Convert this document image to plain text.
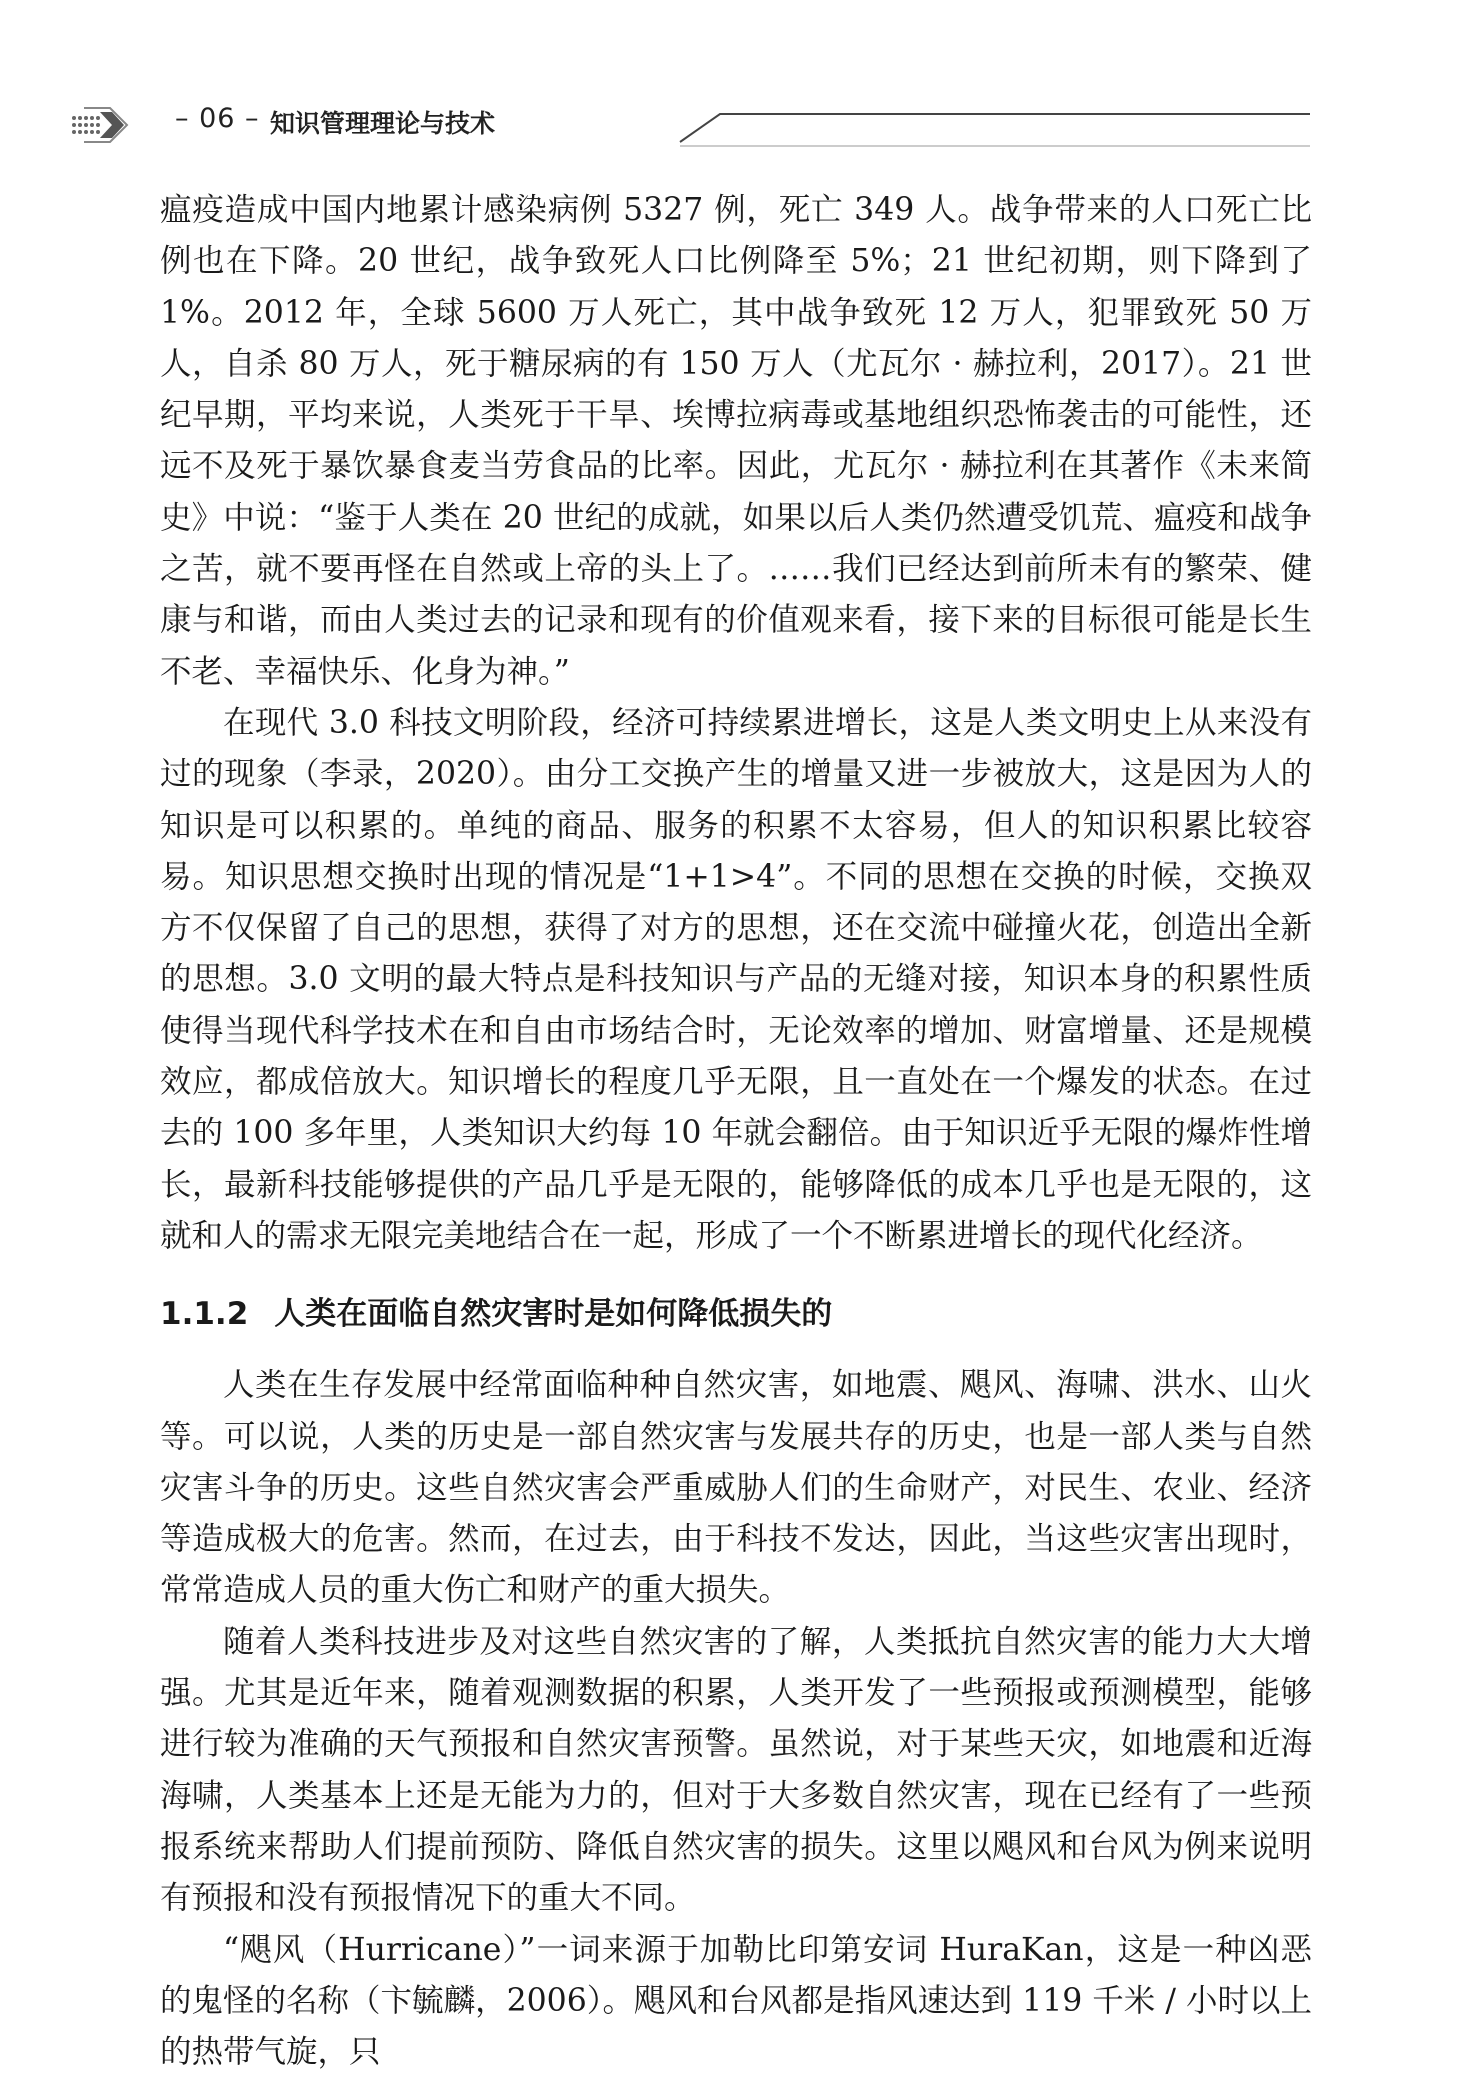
– 06 – 知识管理理论与技术

瘟疫造成中国内地累计感染病例 5327 例，死亡 349 人。战争带来的人口死亡比例也在下降。20 世纪，战争致死人口比例降至 5%；21 世纪初期，则下降到了 1%。2012 年，全球 5600 万人死亡，其中战争致死 12 万人，犯罪致死 50 万人，自杀 80 万人，死于糖尿病的有 150 万人（尤瓦尔 · 赫拉利，2017）。21 世纪早期，平均来说，人类死于干旱、埃博拉病毒或基地组织恐怖袭击的可能性，还远不及死于暴饮暴食麦当劳食品的比率。因此，尤瓦尔 · 赫拉利在其著作《未来简史》中说：“鉴于人类在 20 世纪的成就，如果以后人类仍然遭受饥荒、瘟疫和战争之苦，就不要再怪在自然或上帝的头上了。……我们已经达到前所未有的繁荣、健康与和谐，而由人类过去的记录和现有的价值观来看，接下来的目标很可能是长生不老、幸福快乐、化身为神。”

在现代 3.0 科技文明阶段，经济可持续累进增长，这是人类文明史上从来没有过的现象（李录，2020）。由分工交换产生的增量又进一步被放大，这是因为人的知识是可以积累的。单纯的商品、服务的积累不太容易，但人的知识积累比较容易。知识思想交换时出现的情况是“1+1>4”。不同的思想在交换的时候，交换双方不仅保留了自己的思想，获得了对方的思想，还在交流中碰撞火花，创造出全新的思想。3.0 文明的最大特点是科技知识与产品的无缝对接，知识本身的积累性质使得当现代科学技术在和自由市场结合时，无论效率的增加、财富增量、还是规模效应，都成倍放大。知识增长的程度几乎无限，且一直处在一个爆发的状态。在过去的 100 多年里，人类知识大约每 10 年就会翻倍。由于知识近乎无限的爆炸性增长，最新科技能够提供的产品几乎是无限的，能够降低的成本几乎也是无限的，这就和人的需求无限完美地结合在一起，形成了一个不断累进增长的现代化经济。

1.1.2 人类在面临自然灾害时是如何降低损失的

人类在生存发展中经常面临种种自然灾害，如地震、飓风、海啸、洪水、山火等。可以说，人类的历史是一部自然灾害与发展共存的历史，也是一部人类与自然灾害斗争的历史。这些自然灾害会严重威胁人们的生命财产，对民生、农业、经济等造成极大的危害。然而，在过去，由于科技不发达，因此，当这些灾害出现时，常常造成人员的重大伤亡和财产的重大损失。

随着人类科技进步及对这些自然灾害的了解，人类抵抗自然灾害的能力大大增强。尤其是近年来，随着观测数据的积累，人类开发了一些预报或预测模型，能够进行较为准确的天气预报和自然灾害预警。虽然说，对于某些天灾，如地震和近海海啸，人类基本上还是无能为力的，但对于大多数自然灾害，现在已经有了一些预报系统来帮助人们提前预防、降低自然灾害的损失。这里以飓风和台风为例来说明有预报和没有预报情况下的重大不同。

“飓风（Hurricane）”一词来源于加勒比印第安词 HuraKan，这是一种凶恶的鬼怪的名称（卞毓麟，2006）。飓风和台风都是指风速达到 119 千米 / 小时以上的热带气旋，只
